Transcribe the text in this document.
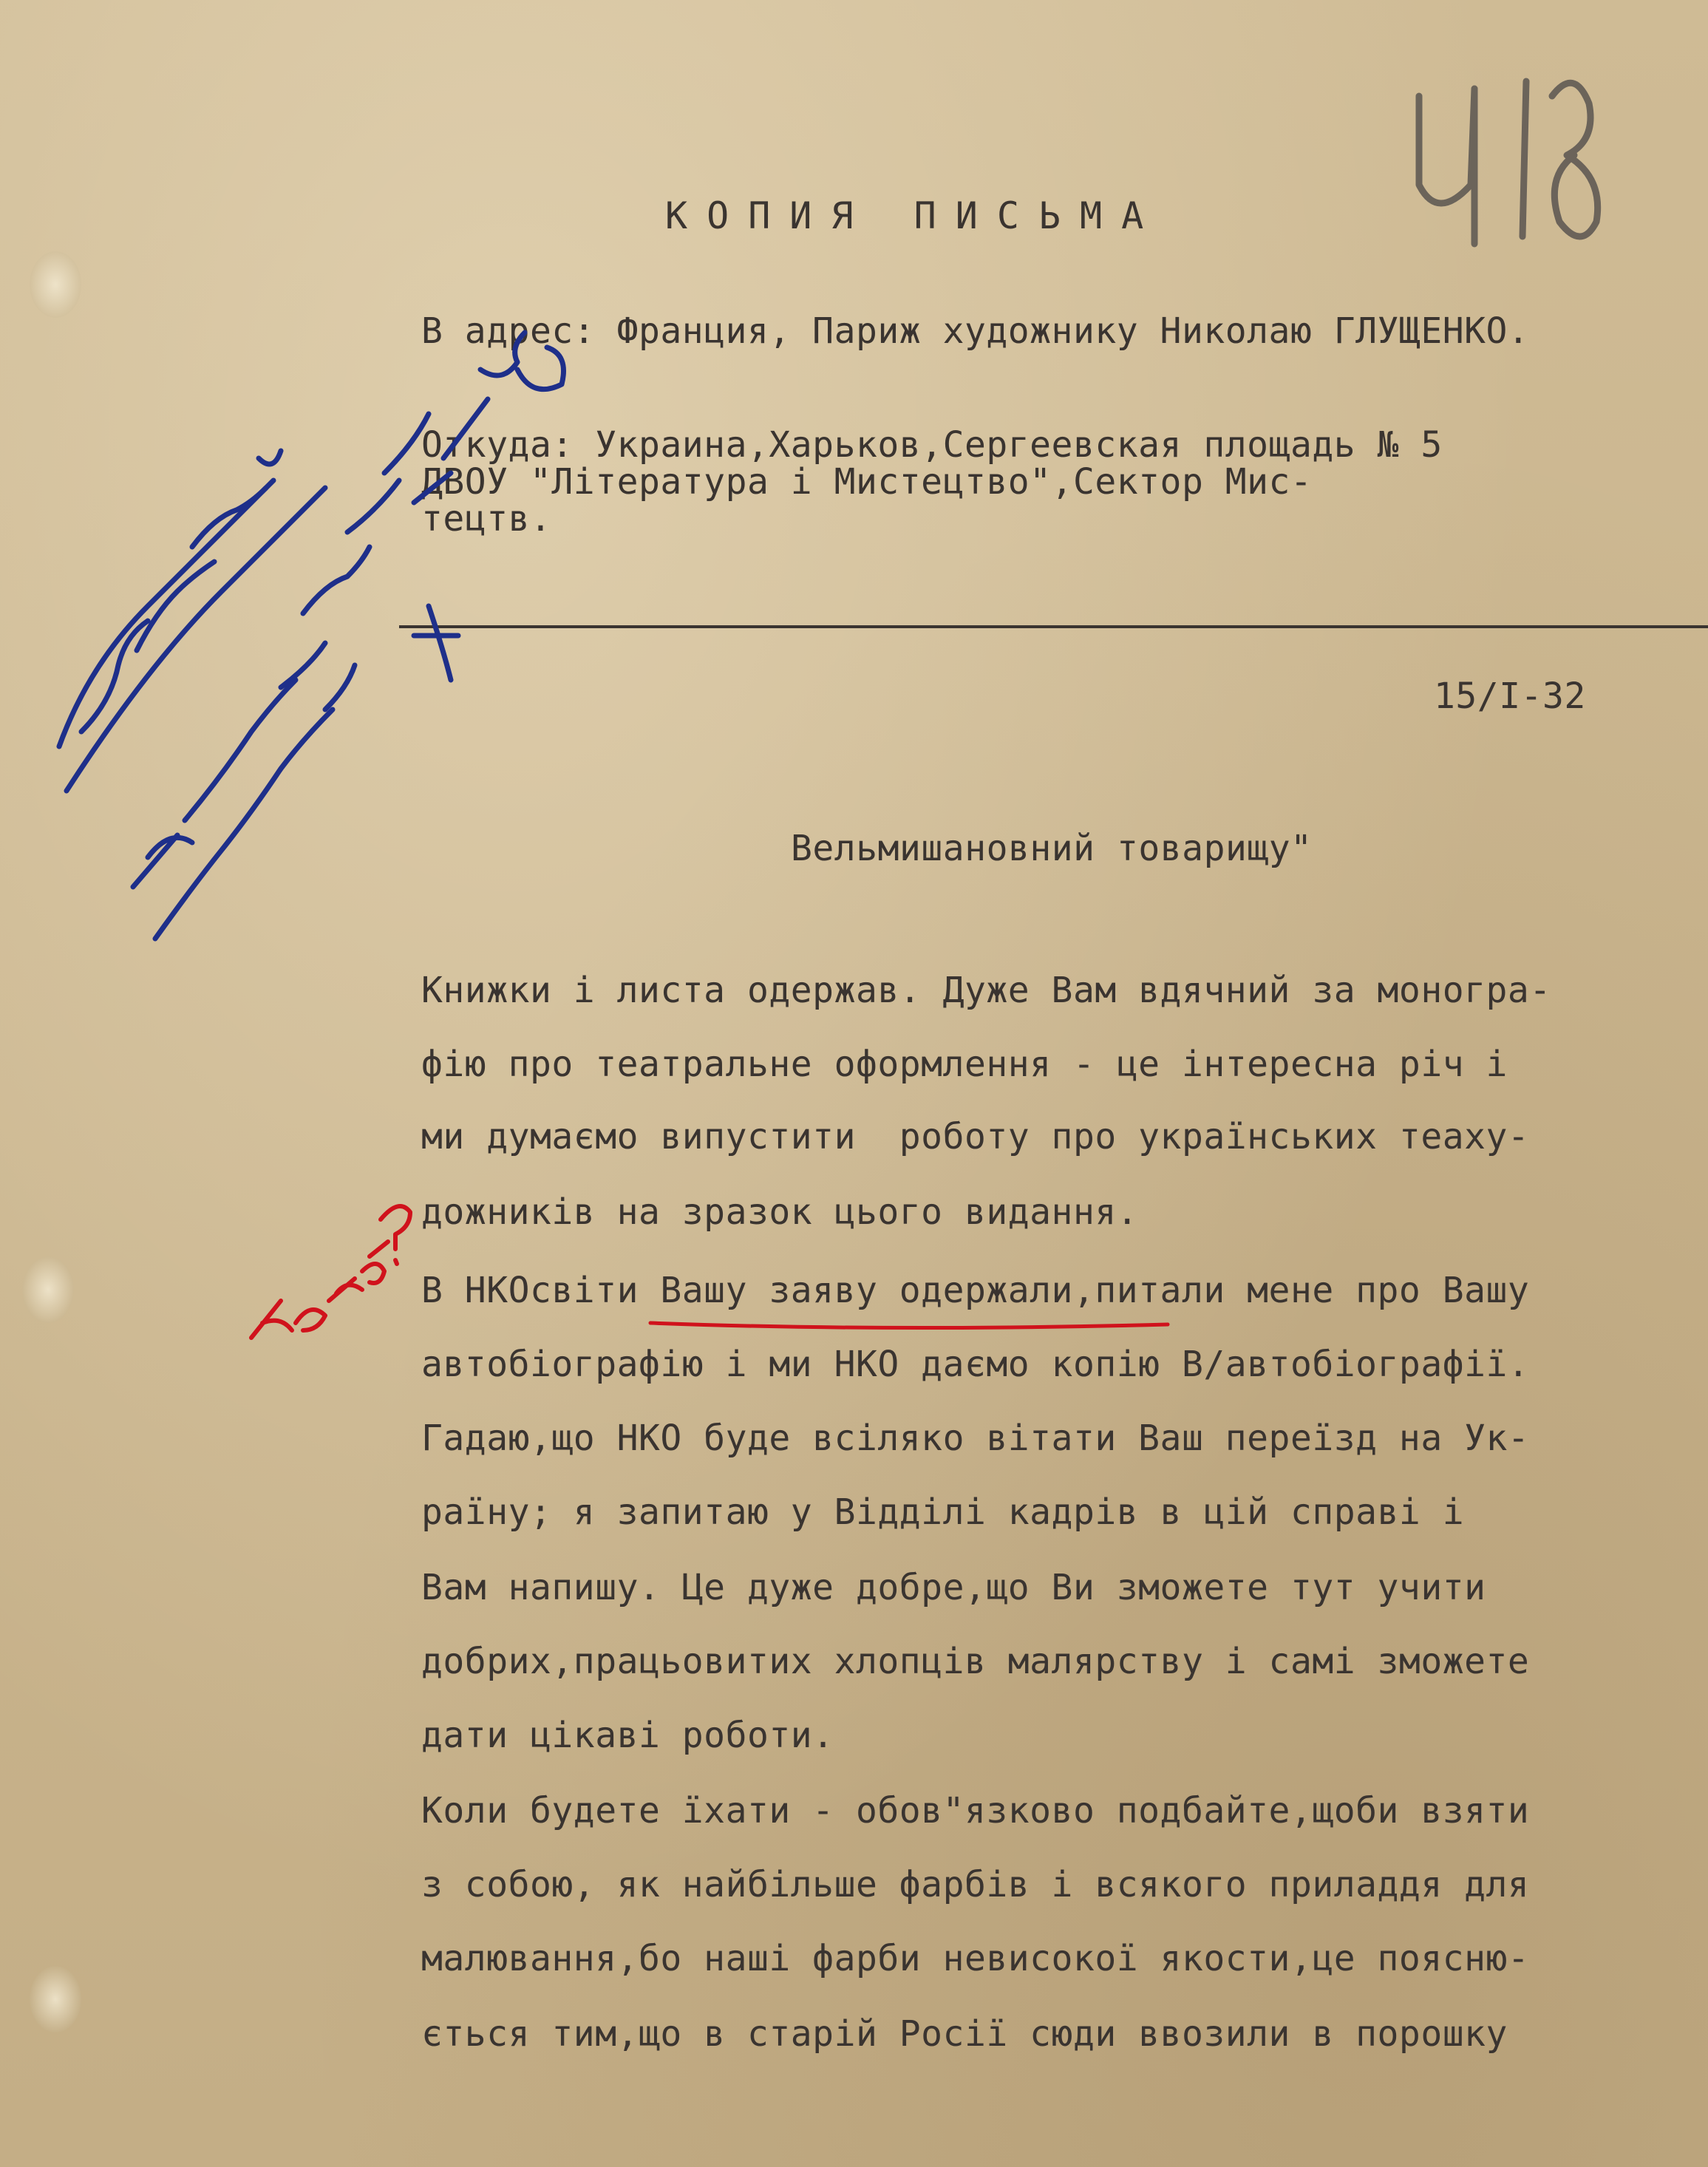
КОПИЯ ПИСЬМА
В адрес: Франция, Париж художнику Николаю ГЛУЩЕНКО.
Откуда: Украина,Харьков,Сергеевская площадь № 5
ДВОУ "Література і Мистецтво",Сектор Мис-
тецтв.
15/I-32
Вельмишановний товарищу"
Книжки і листа одержав. Дуже Вам вдячний за моногра-
фію про театральне оформлення - це інтересна річ і
ми думаємо випустити  роботу про українських теаху-
дожників на зразок цього видання.
В НКОсвіти Вашу заяву одержали,питали мене про Вашу
автобіографію і ми НКО даємо копію В/автобіографії.
Гадаю,що НКО буде всіляко вітати Ваш переїзд на Ук-
раїну; я запитаю у Відділі кадрів в цій справі і
Вам напишу. Це дуже добре,що Ви зможете тут учити
добрих,працьовитих хлопців малярству і самі зможете
дати цікаві роботи.
Коли будете їхати - обов"язково подбайте,щоби взяти
з собою, як найбільше фарбів і всякого приладдя для
малювання,бо наші фарби невисокої якости,це поясню-
ється тим,що в старій Росії сюди ввозили в порошку
